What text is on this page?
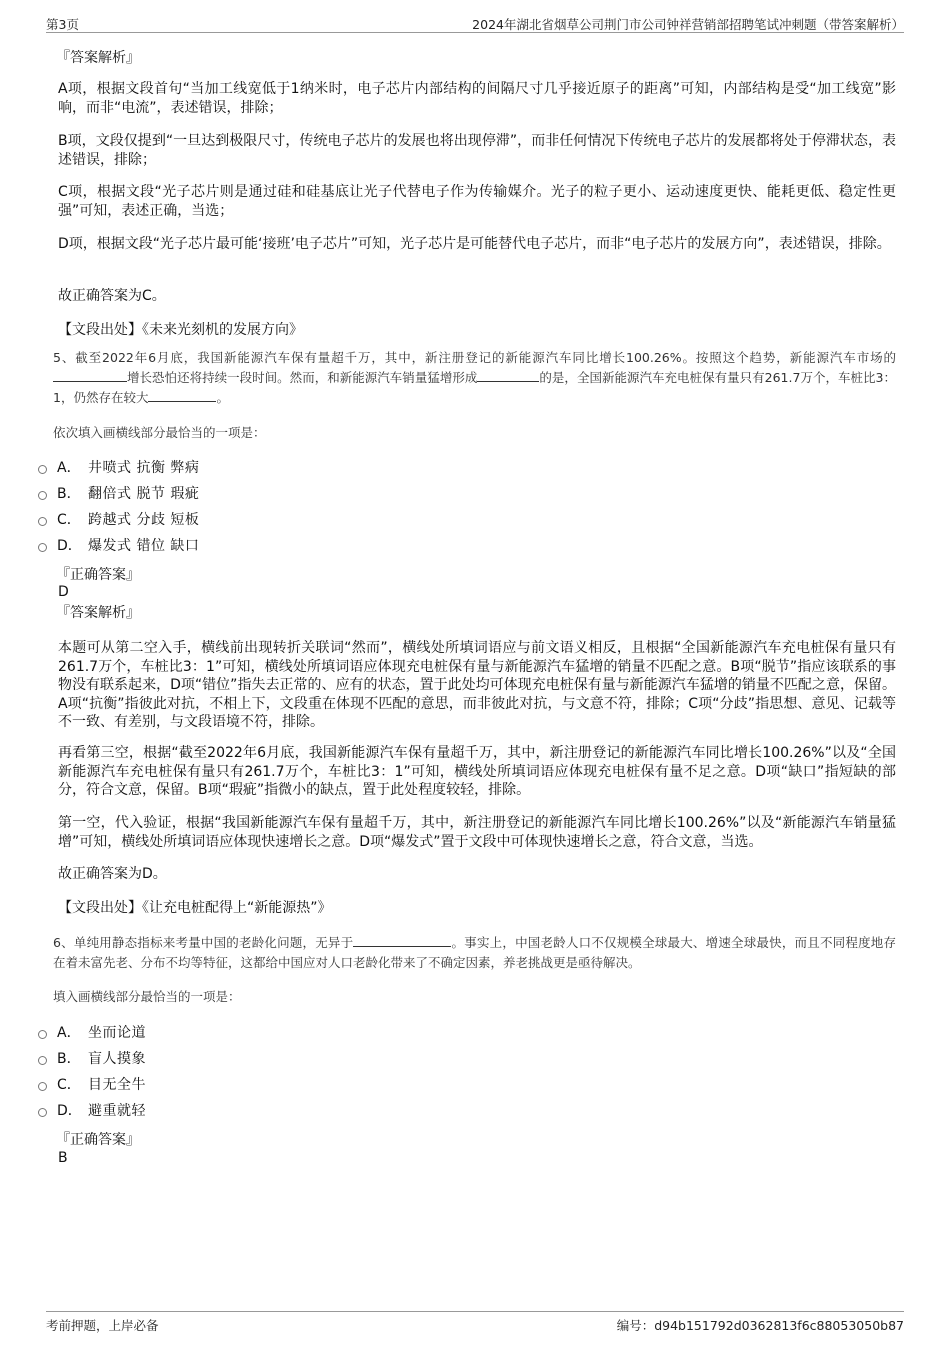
第3页	2024年湖北省烟草公司荆门市公司钟祥营销部招聘笔试冲刺题（带答案解析）

『答案解析』

A项，根据文段首句“当加工线宽低于1纳米时，电子芯片内部结构的间隔尺寸几乎接近原子的距离”可知，内部结构是受“加工线宽”影响，而非“电流”，表述错误，排除；

B项，文段仅提到“一旦达到极限尺寸，传统电子芯片的发展也将出现停滞”，而非任何情况下传统电子芯片的发展都将处于停滞状态，表述错误，排除；

C项，根据文段“光子芯片则是通过硅和硅基底让光子代替电子作为传输媒介。光子的粒子更小、运动速度更快、能耗更低、稳定性更强”可知，表述正确，当选；

D项，根据文段“光子芯片最可能‘接班’电子芯片”可知，光子芯片是可能替代电子芯片，而非“电子芯片的发展方向”，表述错误，排除。

故正确答案为C。

【文段出处】《未来光刻机的发展方向》

5、截至2022年6月底，我国新能源汽车保有量超千万，其中，新注册登记的新能源汽车同比增长100.26%。按照这个趋势，新能源汽车市场的增长恐怕还将持续一段时间。然而，和新能源汽车销量猛增形成	的是，全国新能源汽车充电桩保有量只有261.7万个，车桩比3：1，仍然存在较大	。

依次填入画横线部分最恰当的一项是：

A． 井喷式 抗衡 弊病
B． 翻倍式 脱节 瑕疵
C． 跨越式 分歧 短板
D． 爆发式 错位 缺口

『正确答案』

D

『答案解析』

本题可从第二空入手，横线前出现转折关联词“然而”，横线处所填词语应与前文语义相反，且根据“全国新能源汽车充电桩保有量只有261.7万个，车桩比3：1”可知，横线处所填词语应体现充电桩保有量与新能源汽车猛增的销量不匹配之意。B项“脱节”指应该联系的事物没有联系起来，D项“错位”指失去正常的、应有的状态，置于此处均可体现充电桩保有量与新能源汽车猛增的销量不匹配之意，保留。A项“抗衡”指彼此对抗，不相上下，文段重在体现不匹配的意思，而非彼此对抗，与文意不符，排除；C项“分歧”指思想、意见、记载等不一致、有差别，与文段语境不符，排除。

再看第三空，根据“截至2022年6月底，我国新能源汽车保有量超千万，其中，新注册登记的新能源汽车同比增长100.26%”以及“全国新能源汽车充电桩保有量只有261.7万个，车桩比3：1”可知，横线处所填词语应体现充电桩保有量不足之意。D项“缺口”指短缺的部分，符合文意，保留。B项“瑕疵”指微小的缺点，置于此处程度较轻，排除。

第一空，代入验证，根据“我国新能源汽车保有量超千万，其中，新注册登记的新能源汽车同比增长100.26%”以及“新能源汽车销量猛增”可知，横线处所填词语应体现快速增长之意。D项“爆发式”置于文段中可体现快速增长之意，符合文意，当选。

故正确答案为D。

【文段出处】《让充电桩配得上“新能源热”》

6、单纯用静态指标来考量中国的老龄化问题，无异于	。事实上，中国老龄人口不仅规模全球最大、增速全球最快，而且不同程度地存在着未富先老、分布不均等特征，这都给中国应对人口老龄化带来了不确定因素，养老挑战更是亟待解决。

填入画横线部分最恰当的一项是：

A． 坐而论道
B． 盲人摸象
C． 目无全牛
D． 避重就轻

『正确答案』

B

考前押题，上岸必备	编号：d94b151792d0362813f6c88053050b87
